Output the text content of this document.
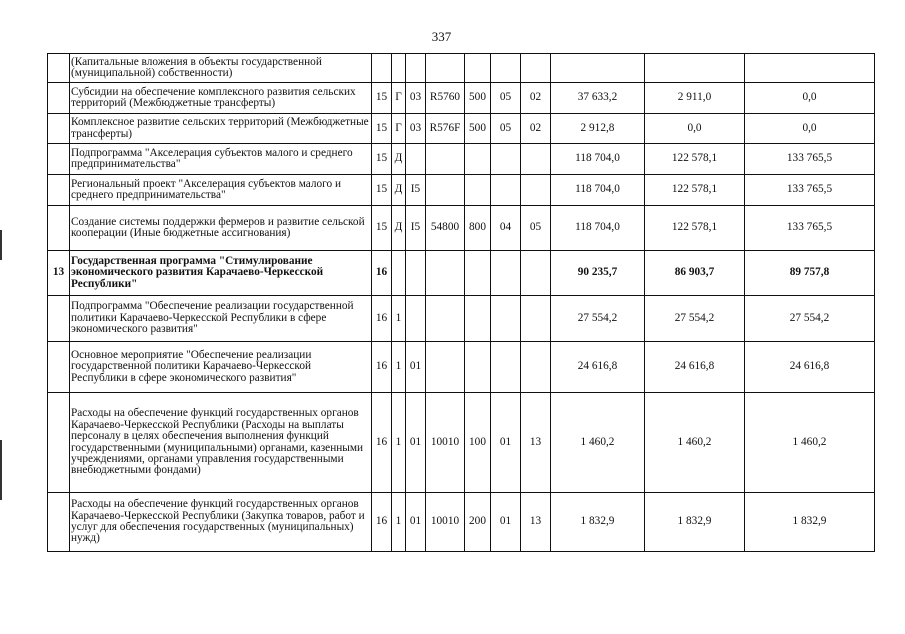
337
	(Капитальные вложения в объекты государственной (муниципальной) собственности)										
	Субсидии на обеспечение комплексного развития сельских территорий (Межбюджетные трансферты)	15	Г	03	R5760	500	05	02	37 633,2	2 911,0	0,0
	Комплексное развитие сельских территорий (Межбюджетные трансферты)	15	Г	03	R576F	500	05	02	2 912,8	0,0	0,0
	Подпрограмма "Акселерация субъектов малого и среднего предпринимательства"	15	Д						118 704,0	122 578,1	133 765,5
	Региональный проект "Акселерация субъектов малого и среднего предпринимательства"	15	Д	I5					118 704,0	122 578,1	133 765,5
	Создание системы поддержки фермеров и развитие сельской кооперации (Иные бюджетные ассигнования)	15	Д	I5	54800	800	04	05	118 704,0	122 578,1	133 765,5
13	Государственная программа "Стимулирование экономического развития Карачаево-Черкесской Республики"	16							90 235,7	86 903,7	89 757,8
	Подпрограмма "Обеспечение реализации государственной политики Карачаево-Черкесской Республики в сфере экономического развития"	16	1						27 554,2	27 554,2	27 554,2
	Основное мероприятие "Обеспечение реализации государственной политики Карачаево-Черкесской Республики в сфере экономического развития"	16	1	01					24 616,8	24 616,8	24 616,8
	Расходы на обеспечение функций государственных органов Карачаево-Черкесской Республики (Расходы на выплаты персоналу в целях обеспечения выполнения функций государственными (муниципальными) органами, казенными учреждениями, органами управления государственными внебюджетными фондами)	16	1	01	10010	100	01	13	1 460,2	1 460,2	1 460,2
	Расходы на обеспечение функций государственных органов Карачаево-Черкесской Республики (Закупка товаров, работ и услуг для обеспечения государственных (муниципальных) нужд)	16	1	01	10010	200	01	13	1 832,9	1 832,9	1 832,9
